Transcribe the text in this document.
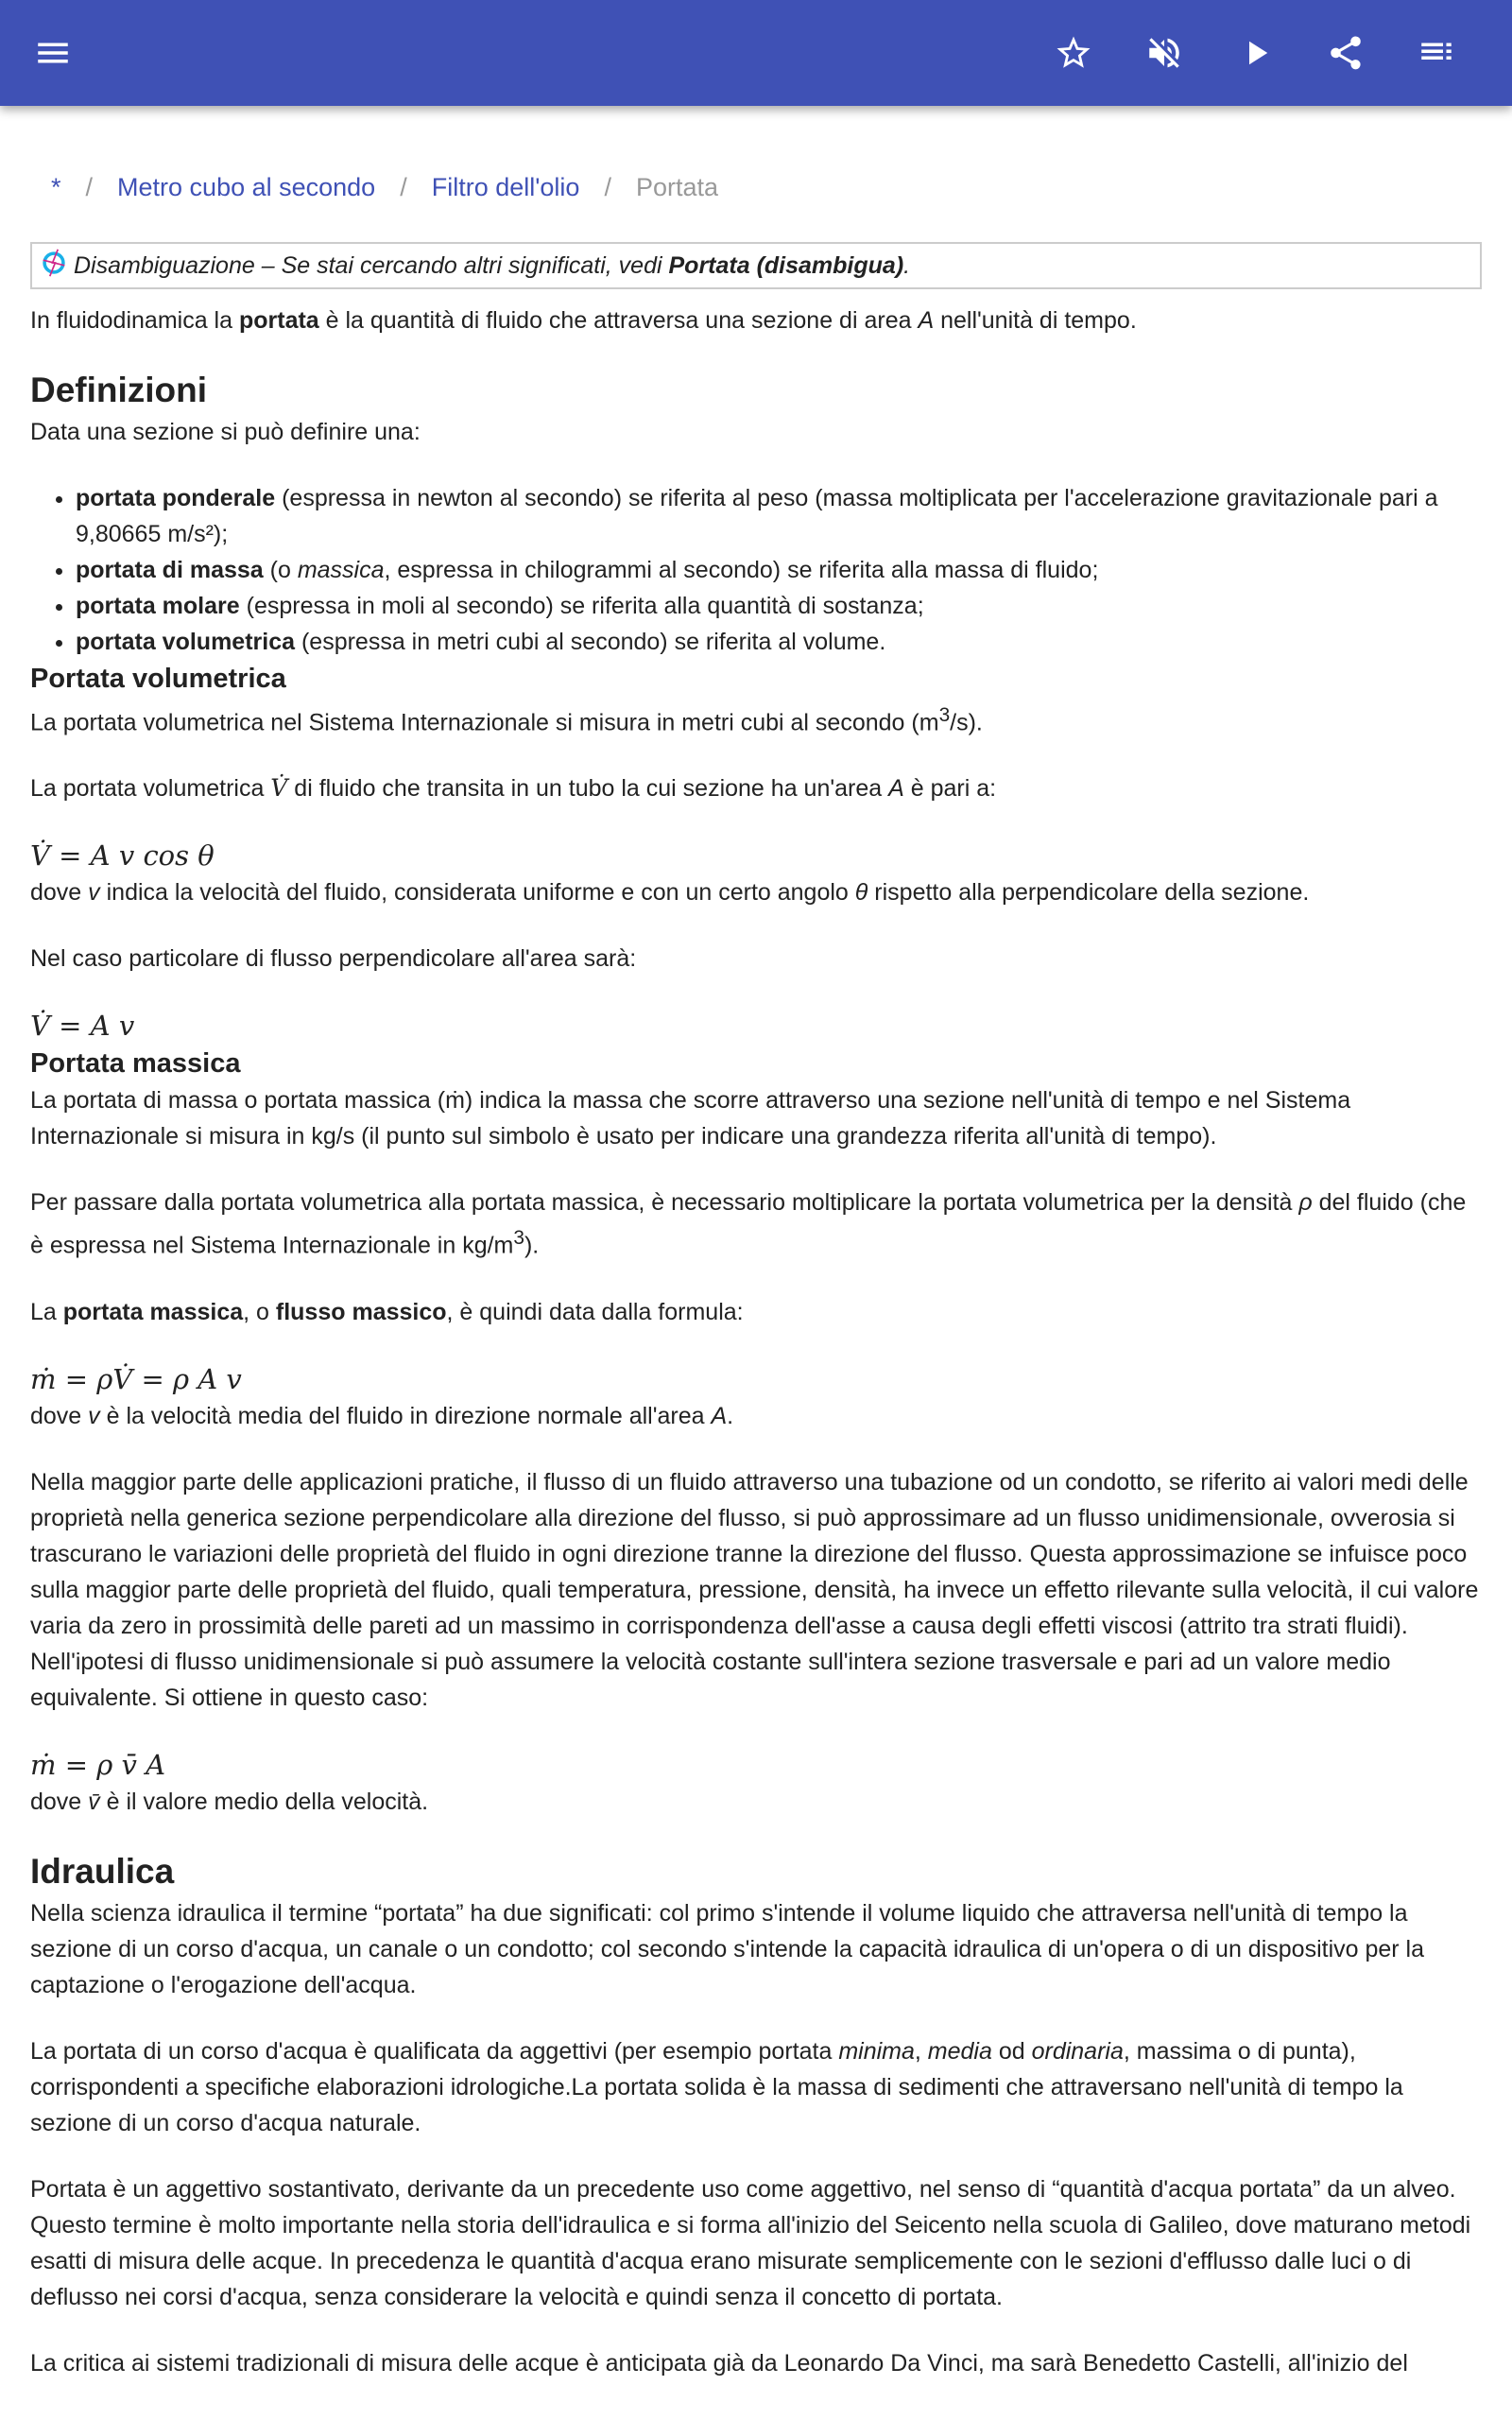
* / Metro cubo al secondo / Filtro dell'olio / Portata
Disambiguazione – Se stai cercando altri significati, vedi
Portata (disambigua) .

In fluidodinamica la portata è la quantità di fluido che attraversa una sezione di area A nell'unità di tempo.

Definizioni

Data una sezione si può definire una:

• portata ponderale (espressa in newton al secondo) se riferita al peso (massa moltiplicata per l'accelerazione gravitazionale pari a 9,80665 m/s²);
• portata di massa (o massica, espressa in chilogrammi al secondo) se riferita alla massa di fluido;
• portata molare (espressa in moli al secondo) se riferita alla quantità di sostanza;
• portata volumetrica (espressa in metri cubi al secondo) se riferita al volume.
Portata volumetrica

La portata volumetrica nel Sistema Internazionale si misura in metri cubi al secondo $(m^3/s)$.

La portata volumetrica V̇ di fluido che transita in un tubo la cui sezione ha un'area A è pari a:

V̇ = A v cos θ

dove v indica la velocità del fluido, considerata uniforme e con un certo angolo θ rispetto alla perpendicolare della sezione.

Nel caso particolare di flusso perpendicolare all'area sarà:

V̇ = A v
Portata massica

La portata di massa o portata massica (ṁ) indica la massa che scorre attraverso una sezione nell'unità di tempo e nel Sistema Internazionale si misura in kg/s (il punto sul simbolo è usato per indicare una grandezza riferita all'unità di tempo).

Per passare dalla portata volumetrica alla portata massica, è necessario moltiplicare la portata volumetrica per la densità ρ del fluido (che è espressa nel Sistema Internazionale in $kg/m^3$).

La portata massica, o flusso massico, è quindi data dalla formula:

ṁ = ρV̇ = ρ A v

dove v è la velocità media del fluido in direzione normale all'area A.

Nella maggior parte delle applicazioni pratiche, il flusso di un fluido attraverso una tubazione od un condotto, se riferito ai valori medi delle proprietà nella generica sezione perpendicolare alla direzione del flusso, si può approssimare ad un flusso unidimensionale, ovverosia si trascurano le variazioni delle proprietà del fluido in ogni direzione tranne la direzione del flusso. Questa approssimazione se infuisce poco sulla maggior parte delle proprietà del fluido, quali temperatura, pressione, densità, ha invece un effetto rilevante sulla velocità, il cui valore varia da zero in prossimità delle pareti ad un massimo in corrispondenza dell'asse a causa degli effetti viscosi (attrito tra strati fluidi). Nell'ipotesi di flusso unidimensionale si può assumere la velocità costante sull'intera sezione trasversale e pari ad un valore medio equivalente. Si ottiene in questo caso:

ṁ = ρ v̄ A

dove v̄ è il valore medio della velocità.

Idraulica

Nella scienza idraulica il termine “portata” ha due significati: col primo s'intende il volume liquido che attraversa nell'unità di tempo la sezione di un corso d'acqua, un canale o un condotto; col secondo s'intende la capacità idraulica di un'opera o di un dispositivo per la captazione o l'erogazione dell'acqua.

La portata di un corso d'acqua è qualificata da aggettivi (per esempio portata minima, media od ordinaria, massima o di punta), corrispondenti a specifiche elaborazioni idrologiche.La portata solida è la massa di sedimenti che attraversano nell'unità di tempo la sezione di un corso d'acqua naturale.

Portata è un aggettivo sostantivato, derivante da un precedente uso come aggettivo, nel senso di “quantità d'acqua portata” da un alveo. Questo termine è molto importante nella storia dell'idraulica e si forma all'inizio del Seicento nella scuola di Galileo, dove maturano metodi esatti di misura delle acque. In precedenza le quantità d'acqua erano misurate semplicemente con le sezioni d'efflusso dalle luci o di deflusso nei corsi d'acqua, senza considerare la velocità e quindi senza il concetto di portata.

La critica ai sistemi tradizionali di misura delle acque è anticipata già da Leonardo Da Vinci, ma sarà Benedetto Castelli, all'inizio del
